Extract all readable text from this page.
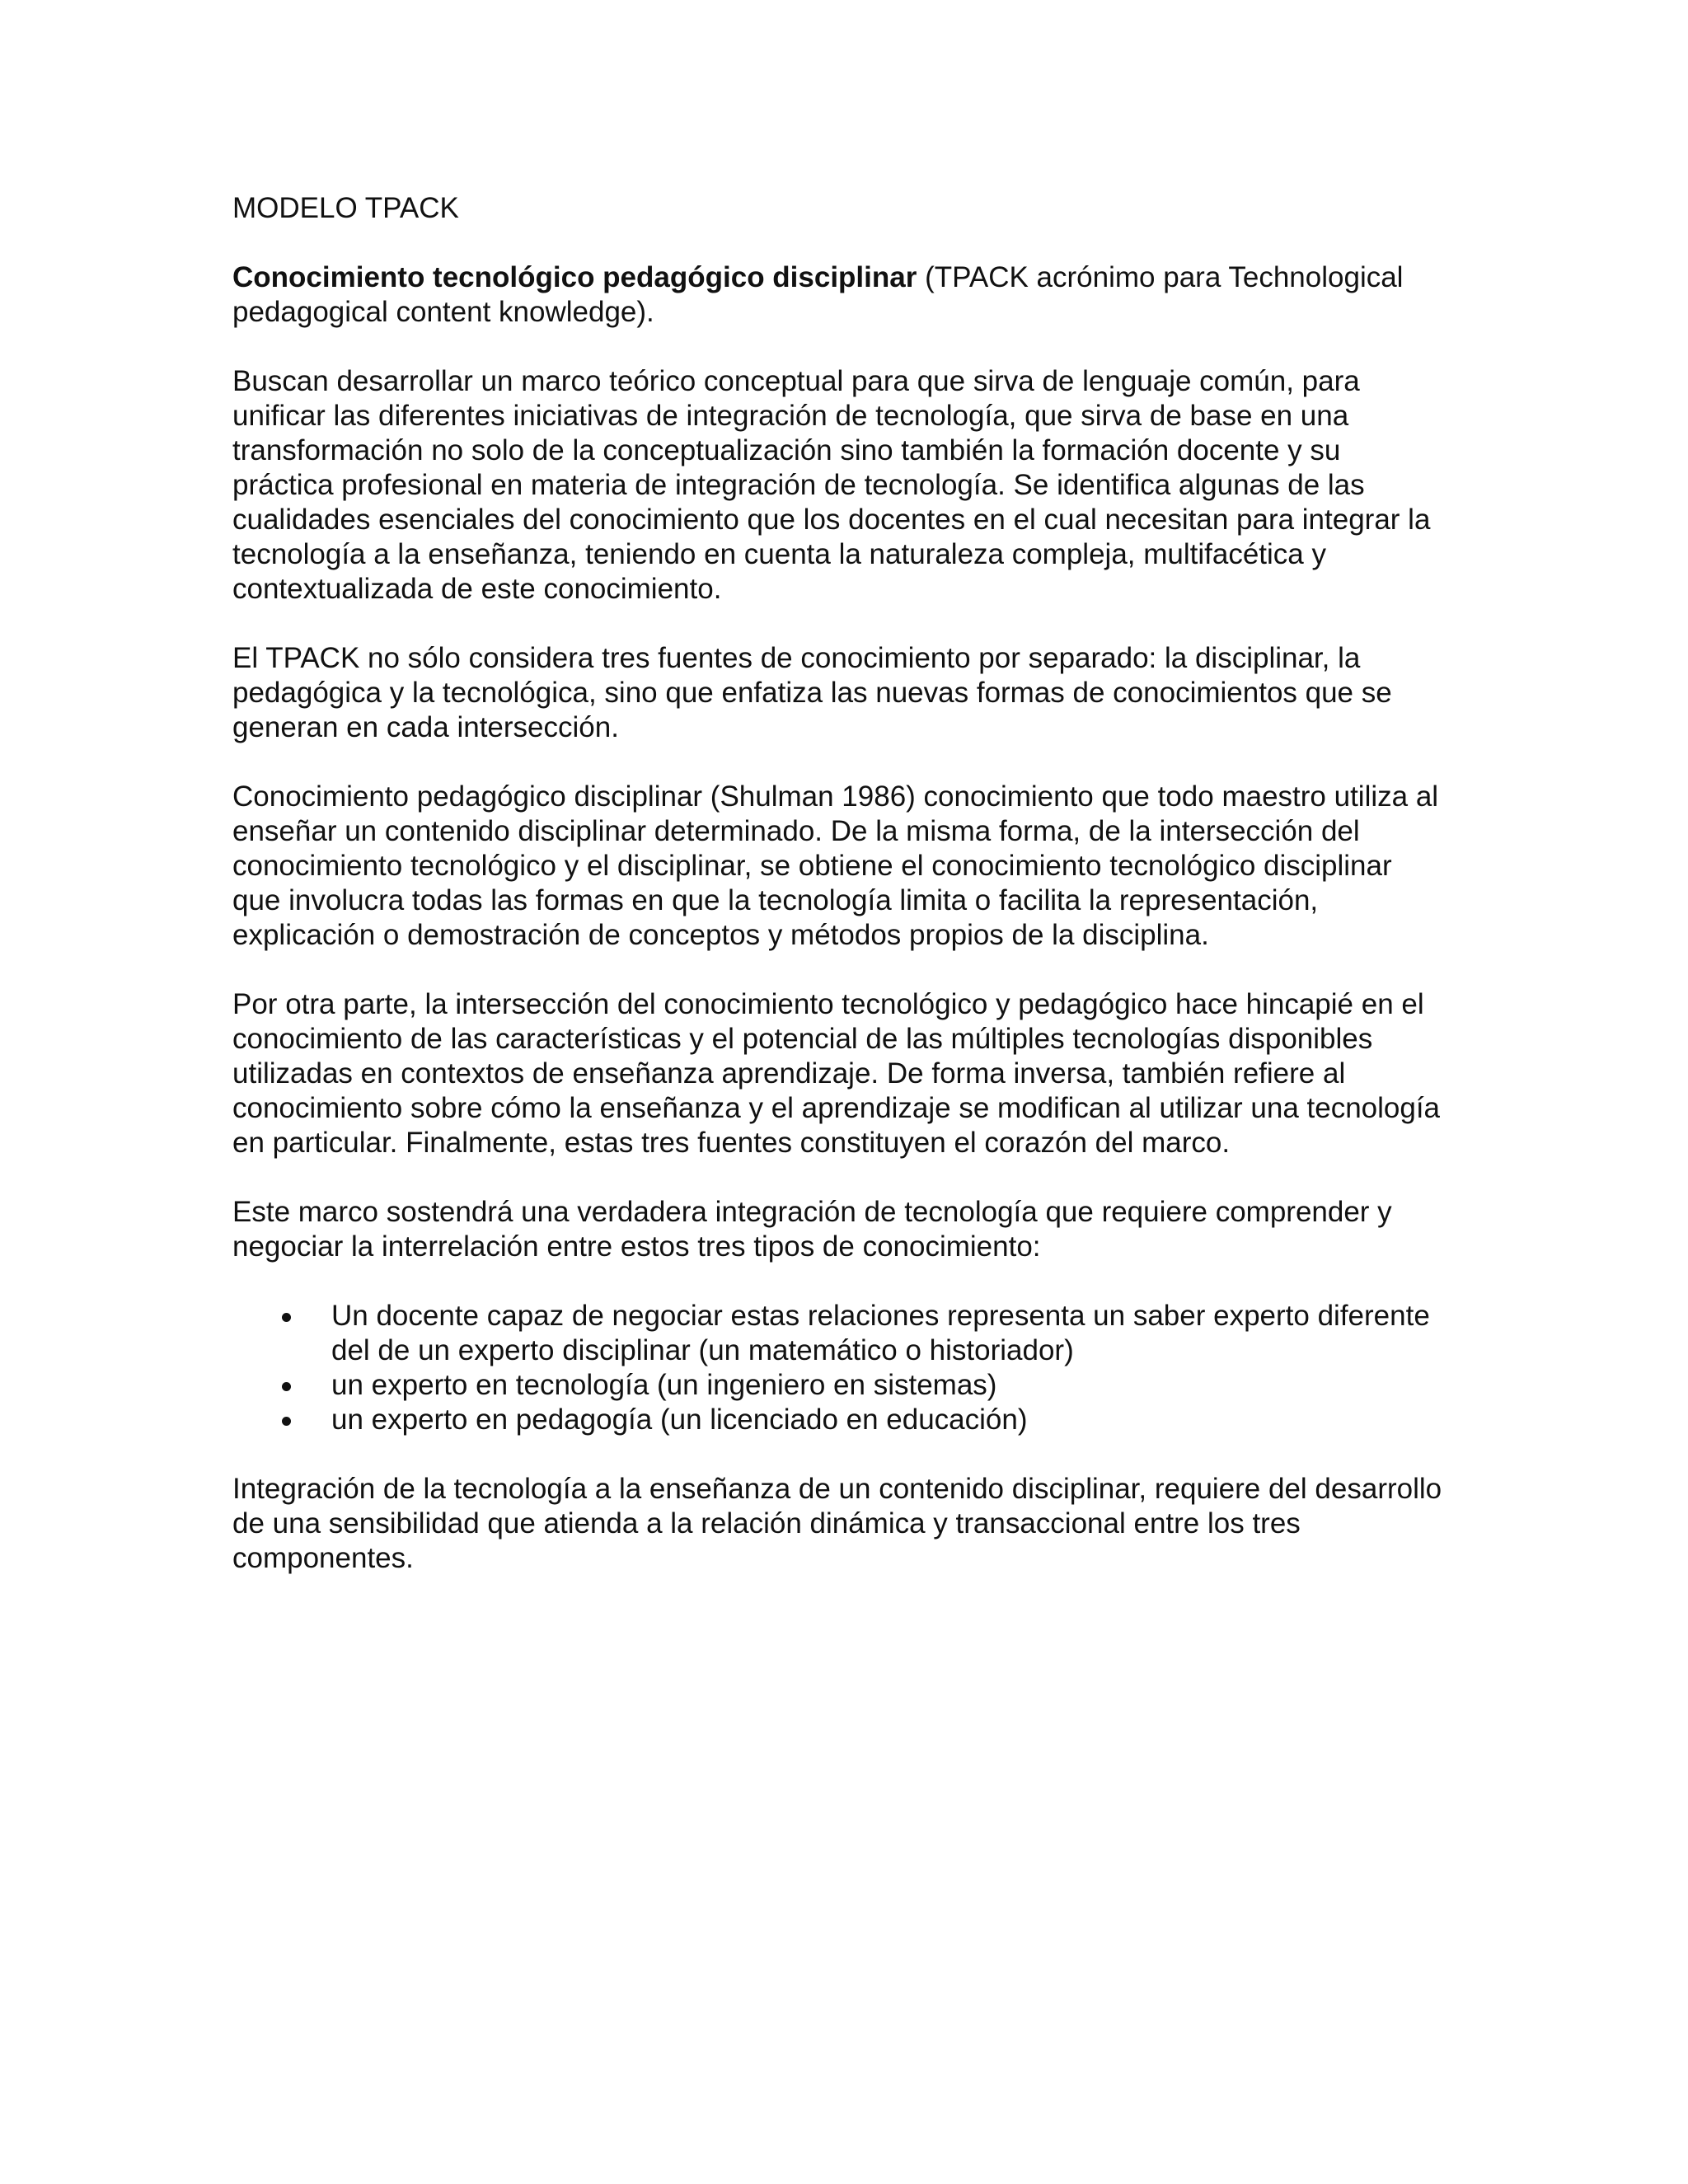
MODELO TPACK

Conocimiento tecnológico pedagógico disciplinar (TPACK acrónimo para Technological pedagogical content knowledge).

Buscan desarrollar un marco teórico conceptual para que sirva de lenguaje común, para unificar las diferentes iniciativas de integración de tecnología, que sirva de base en una transformación no solo de la conceptualización sino también la formación docente y su práctica profesional en materia de integración de tecnología. Se identifica algunas de las cualidades esenciales del conocimiento que los docentes en el cual necesitan para integrar la tecnología a la enseñanza, teniendo en cuenta la naturaleza compleja, multifacética y contextualizada de este conocimiento.

El TPACK no sólo considera tres fuentes de conocimiento por separado: la disciplinar, la pedagógica y la tecnológica, sino que enfatiza las nuevas formas de conocimientos que se generan en cada intersección.

Conocimiento pedagógico disciplinar (Shulman 1986) conocimiento que todo maestro utiliza al enseñar un contenido disciplinar determinado. De la misma forma, de la intersección del conocimiento tecnológico y el disciplinar, se obtiene el conocimiento tecnológico disciplinar que involucra todas las formas en que la tecnología limita o facilita la representación, explicación o demostración de conceptos y métodos propios de la disciplina.

Por otra parte, la intersección del conocimiento tecnológico y pedagógico hace hincapié en el conocimiento de las características y el potencial de las múltiples tecnologías disponibles utilizadas en contextos de enseñanza aprendizaje. De forma inversa, también refiere al conocimiento sobre cómo la enseñanza y el aprendizaje se modifican al utilizar una tecnología en particular. Finalmente, estas tres fuentes constituyen el corazón del marco.

Este marco sostendrá una verdadera integración de tecnología que requiere comprender y negociar la interrelación entre estos tres tipos de conocimiento:

Un docente capaz de negociar estas relaciones representa un saber experto diferente del de un experto disciplinar (un matemático o historiador)
un experto en tecnología (un ingeniero en sistemas)
un experto en pedagogía (un licenciado en educación)

Integración de la tecnología a la enseñanza de un contenido disciplinar, requiere del desarrollo de una sensibilidad que atienda a la relación dinámica y transaccional entre los tres componentes.
